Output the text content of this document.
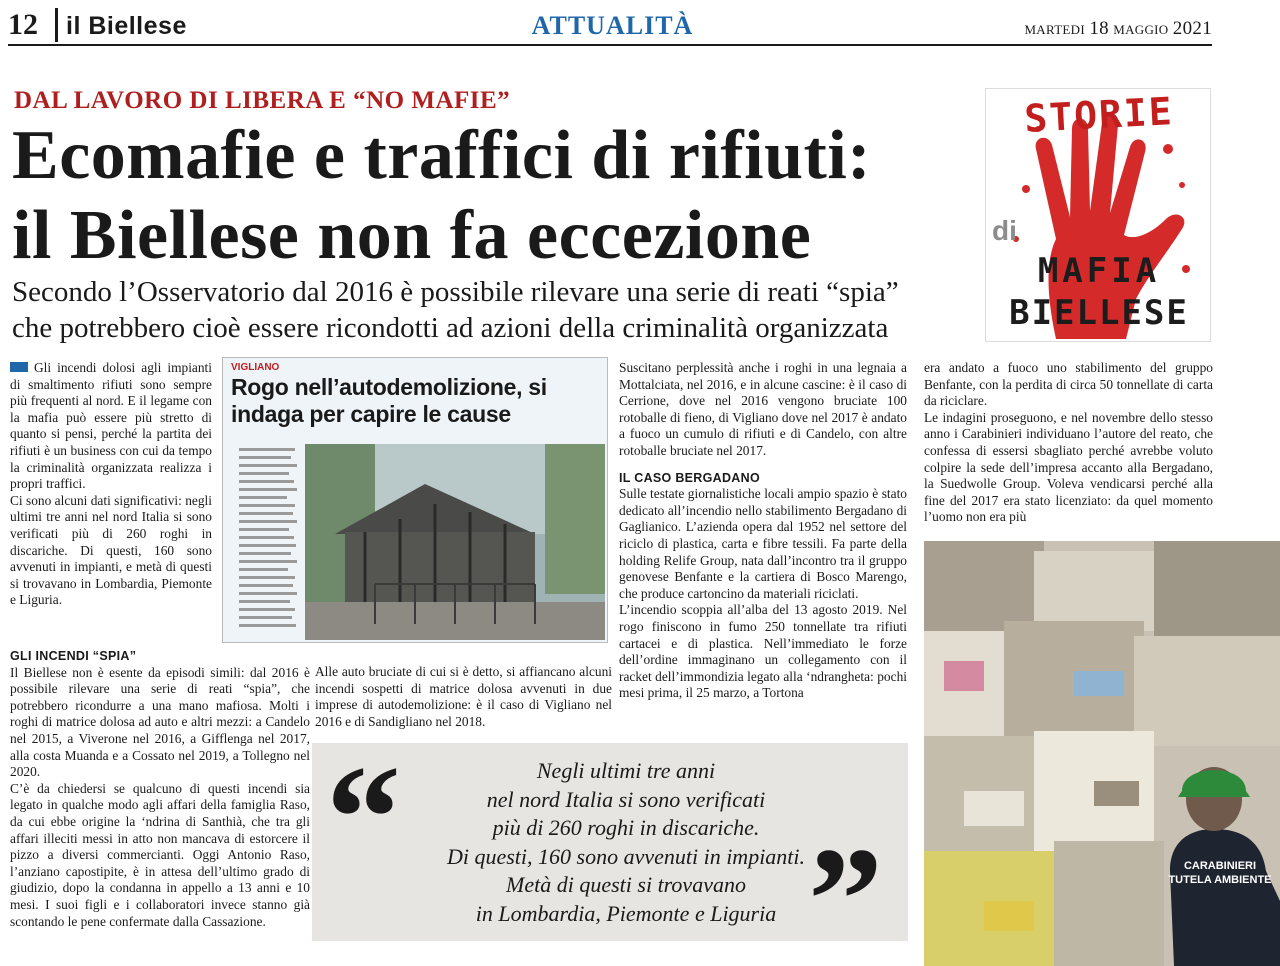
12 il Biellese	ATTUALITÀ	MARTEDI 18 MAGGIO 2021
DAL LAVORO DI LIBERA E “NO MAFIE”
Ecomafie e traffici di rifiuti:
il Biellese non fa eccezione
Secondo l’Osservatorio dal 2016 è possibile rilevare una serie di reati “spia”
che potrebbero cioè essere ricondotti ad azioni della criminalità organizzata
STORIE
di
MAFIA
BIELLESE

Gli incendi dolosi agli impianti di smaltimento rifiuti sono sempre più frequenti al nord. E il legame con la mafia può essere più stretto di quanto si pensi, perché la partita dei rifiuti è un business con cui da tempo la criminalità organizzata realizza i propri traffici.

Ci sono alcuni dati significativi: negli ultimi tre anni nel nord Italia si sono verificati più di 260 roghi in discariche. Di questi, 160 sono avvenuti in impianti, e metà di questi si trovavano in Lombardia, Piemonte e Liguria.

GLI INCENDI “SPIA”

Il Biellese non è esente da episodi simili: dal 2016 è possibile rilevare una serie di reati “spia”, che potrebbero ricondurre a una mano mafiosa. Molti i roghi di matrice dolosa ad auto e altri mezzi: a Candelo nel 2015, a Viverone nel 2016, a Gifflenga nel 2017, alla costa Muanda e a Cossato nel 2019, a Tollegno nel 2020.

C’è da chiedersi se qualcuno di questi incendi sia legato in qualche modo agli affari della famiglia Raso, da cui ebbe origine la ‘ndrina di Santhià, che tra gli affari illeciti messi in atto non mancava di estorcere il pizzo a diversi commercianti. Oggi Antonio Raso, l’anziano capostipite, è in attesa dell’ultimo grado di giudizio, dopo la condanna in appello a 13 anni e 10 mesi. I suoi figli e i collaboratori invece stanno già scontando le pene confermate dalla Cassazione.

VIGLIANO
Rogo nell’autodemolizione, si indaga per capire le cause

Alle auto bruciate di cui si è detto, si affiancano alcuni incendi sospetti di matrice dolosa avvenuti in due imprese di autodemolizione: è il caso di Vigliano nel 2016 e di Sandigliano nel 2018.

Suscitano perplessità anche i roghi in una legnaia a Mottalciata, nel 2016, e in alcune cascine: è il caso di Cerrione, dove nel 2016 vengono bruciate 100 rotoballe di fieno, di Vigliano dove nel 2017 è andato a fuoco un cumulo di rifiuti e di Candelo, con altre rotoballe bruciate nel 2017.

IL CASO BERGADANO

Sulle testate giornalistiche locali ampio spazio è stato dedicato all’incendio nello stabilimento Bergadano di Gaglianico. L’azienda opera dal 1952 nel settore del riciclo di plastica, carta e fibre tessili. Fa parte della holding Relife Group, nata dall’incontro tra il gruppo genovese Benfante e la cartiera di Bosco Marengo, che produce cartoncino da materiali riciclati.

L’incendio scoppia all’alba del 13 agosto 2019. Nel rogo finiscono in fumo 250 tonnellate tra rifiuti cartacei e di plastica. Nell’immediato le forze dell’ordine immaginano un collegamento con il racket dell’immondizia legato alla ‘ndrangheta: pochi mesi prima, il 25 marzo, a Tortona

era andato a fuoco uno stabilimento del gruppo Benfante, con la perdita di circa 50 tonnellate di carta da riciclare.

Le indagini proseguono, e nel novembre dello stesso anno i Carabinieri individuano l’autore del reato, che confessa di essersi sbagliato perché avrebbe voluto colpire la sede dell’impresa accanto alla Bergadano, la Suedwolle Group. Voleva vendicarsi perché alla fine del 2017 era stato licenziato: da quel momento l’uomo non era più

CARABINIERI
TUTELA AMBIENTE
“	”
Negli ultimi tre anni
nel nord Italia si sono verificati
più di 260 roghi in discariche.
Di questi, 160 sono avvenuti in impianti.
Metà di questi si trovavano
in Lombardia, Piemonte e Liguria
